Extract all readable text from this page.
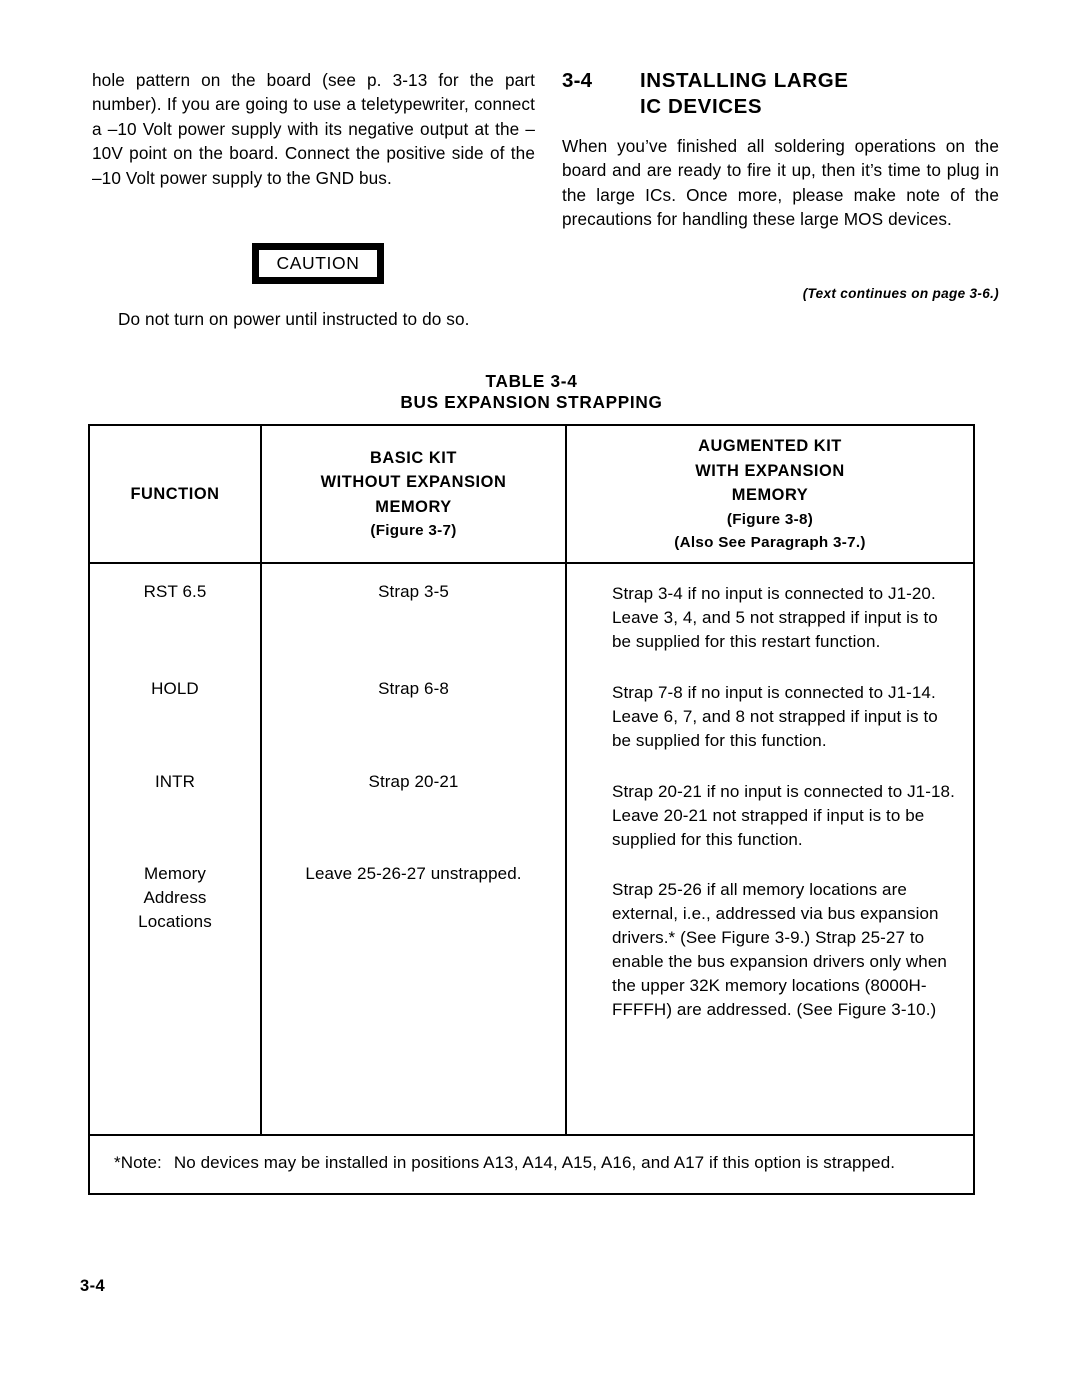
hole pattern on the board (see p. 3-13 for the part number). If you are going to use a teletypewriter, connect a –10 Volt power supply with its negative output at the –10V point on the board. Connect the positive side of the –10 Volt power supply to the GND bus.

CAUTION
Do not turn on power until instructed to do so.
3-4	INSTALLING LARGE
IC DEVICES

When you’ve finished all soldering operations on the board and are ready to fire it up, then it’s time to plug in the large ICs. Once more, please make note of the precautions for handling these large MOS devices.

(Text continues on page 3-6.)
TABLE 3-4
BUS EXPANSION STRAPPING
FUNCTION
BASIC KIT
WITHOUT EXPANSION
MEMORY
(Figure 3-7)
AUGMENTED KIT
WITH EXPANSION
MEMORY
(Figure 3-8)
(Also See Paragraph 3-7.)
RST 6.5
HOLD
INTR
Memory
Address
Locations
Strap 3-5
Strap 6-8
Strap 20-21
Leave 25-26-27 unstrapped.
Strap 3-4 if no input is connected to J1-20. Leave 3, 4, and 5 not strapped if input is to be supplied for this restart function.
Strap 7-8 if no input is connected to J1-14. Leave 6, 7, and 8 not strapped if input is to be supplied for this function.
Strap 20-21 if no input is connected to J1-18. Leave 20-21 not strapped if input is to be supplied for this function.
Strap 25-26 if all memory locations are external, i.e., addressed via bus expansion drivers.* (See Figure 3-9.) Strap 25-27 to enable the bus expansion drivers only when the upper 32K memory locations (8000H-FFFFH) are addressed. (See Figure 3-10.)
*Note: No devices may be installed in positions A13, A14, A15, A16, and A17 if this option is strapped.
3-4
